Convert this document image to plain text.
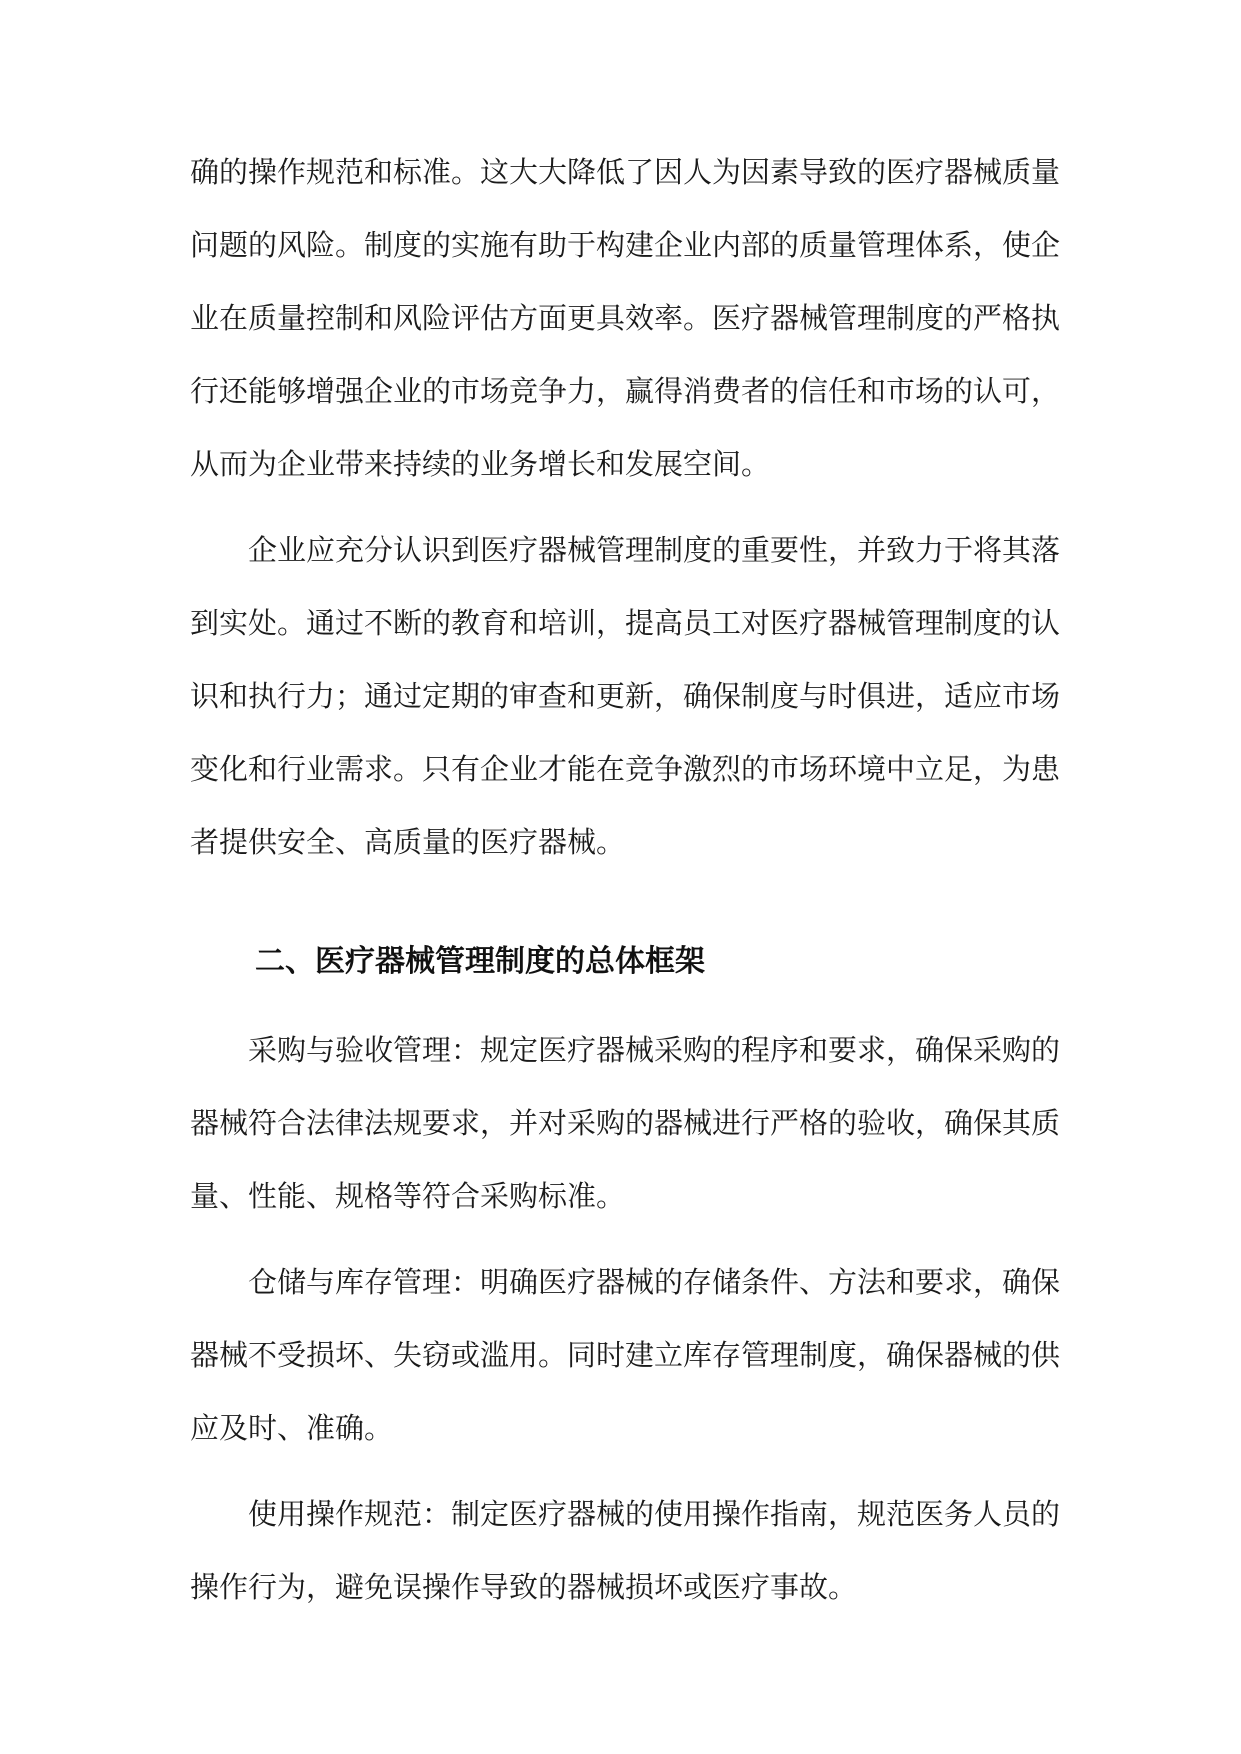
确的操作规范和标准。这大大降低了因人为因素导致的医疗器械质量
问题的风险。制度的实施有助于构建企业内部的质量管理体系，使企
业在质量控制和风险评估方面更具效率。医疗器械管理制度的严格执
行还能够增强企业的市场竞争力，赢得消费者的信任和市场的认可，
从而为企业带来持续的业务增长和发展空间。
企业应充分认识到医疗器械管理制度的重要性，并致力于将其落
到实处。通过不断的教育和培训，提高员工对医疗器械管理制度的认
识和执行力；通过定期的审查和更新，确保制度与时俱进，适应市场
变化和行业需求。只有企业才能在竞争激烈的市场环境中立足，为患
者提供安全、高质量的医疗器械。
二、医疗器械管理制度的总体框架
采购与验收管理：规定医疗器械采购的程序和要求，确保采购的
器械符合法律法规要求，并对采购的器械进行严格的验收，确保其质
量、性能、规格等符合采购标准。
仓储与库存管理：明确医疗器械的存储条件、方法和要求，确保
器械不受损坏、失窃或滥用。同时建立库存管理制度，确保器械的供
应及时、准确。
使用操作规范：制定医疗器械的使用操作指南，规范医务人员的
操作行为，避免误操作导致的器械损坏或医疗事故。
